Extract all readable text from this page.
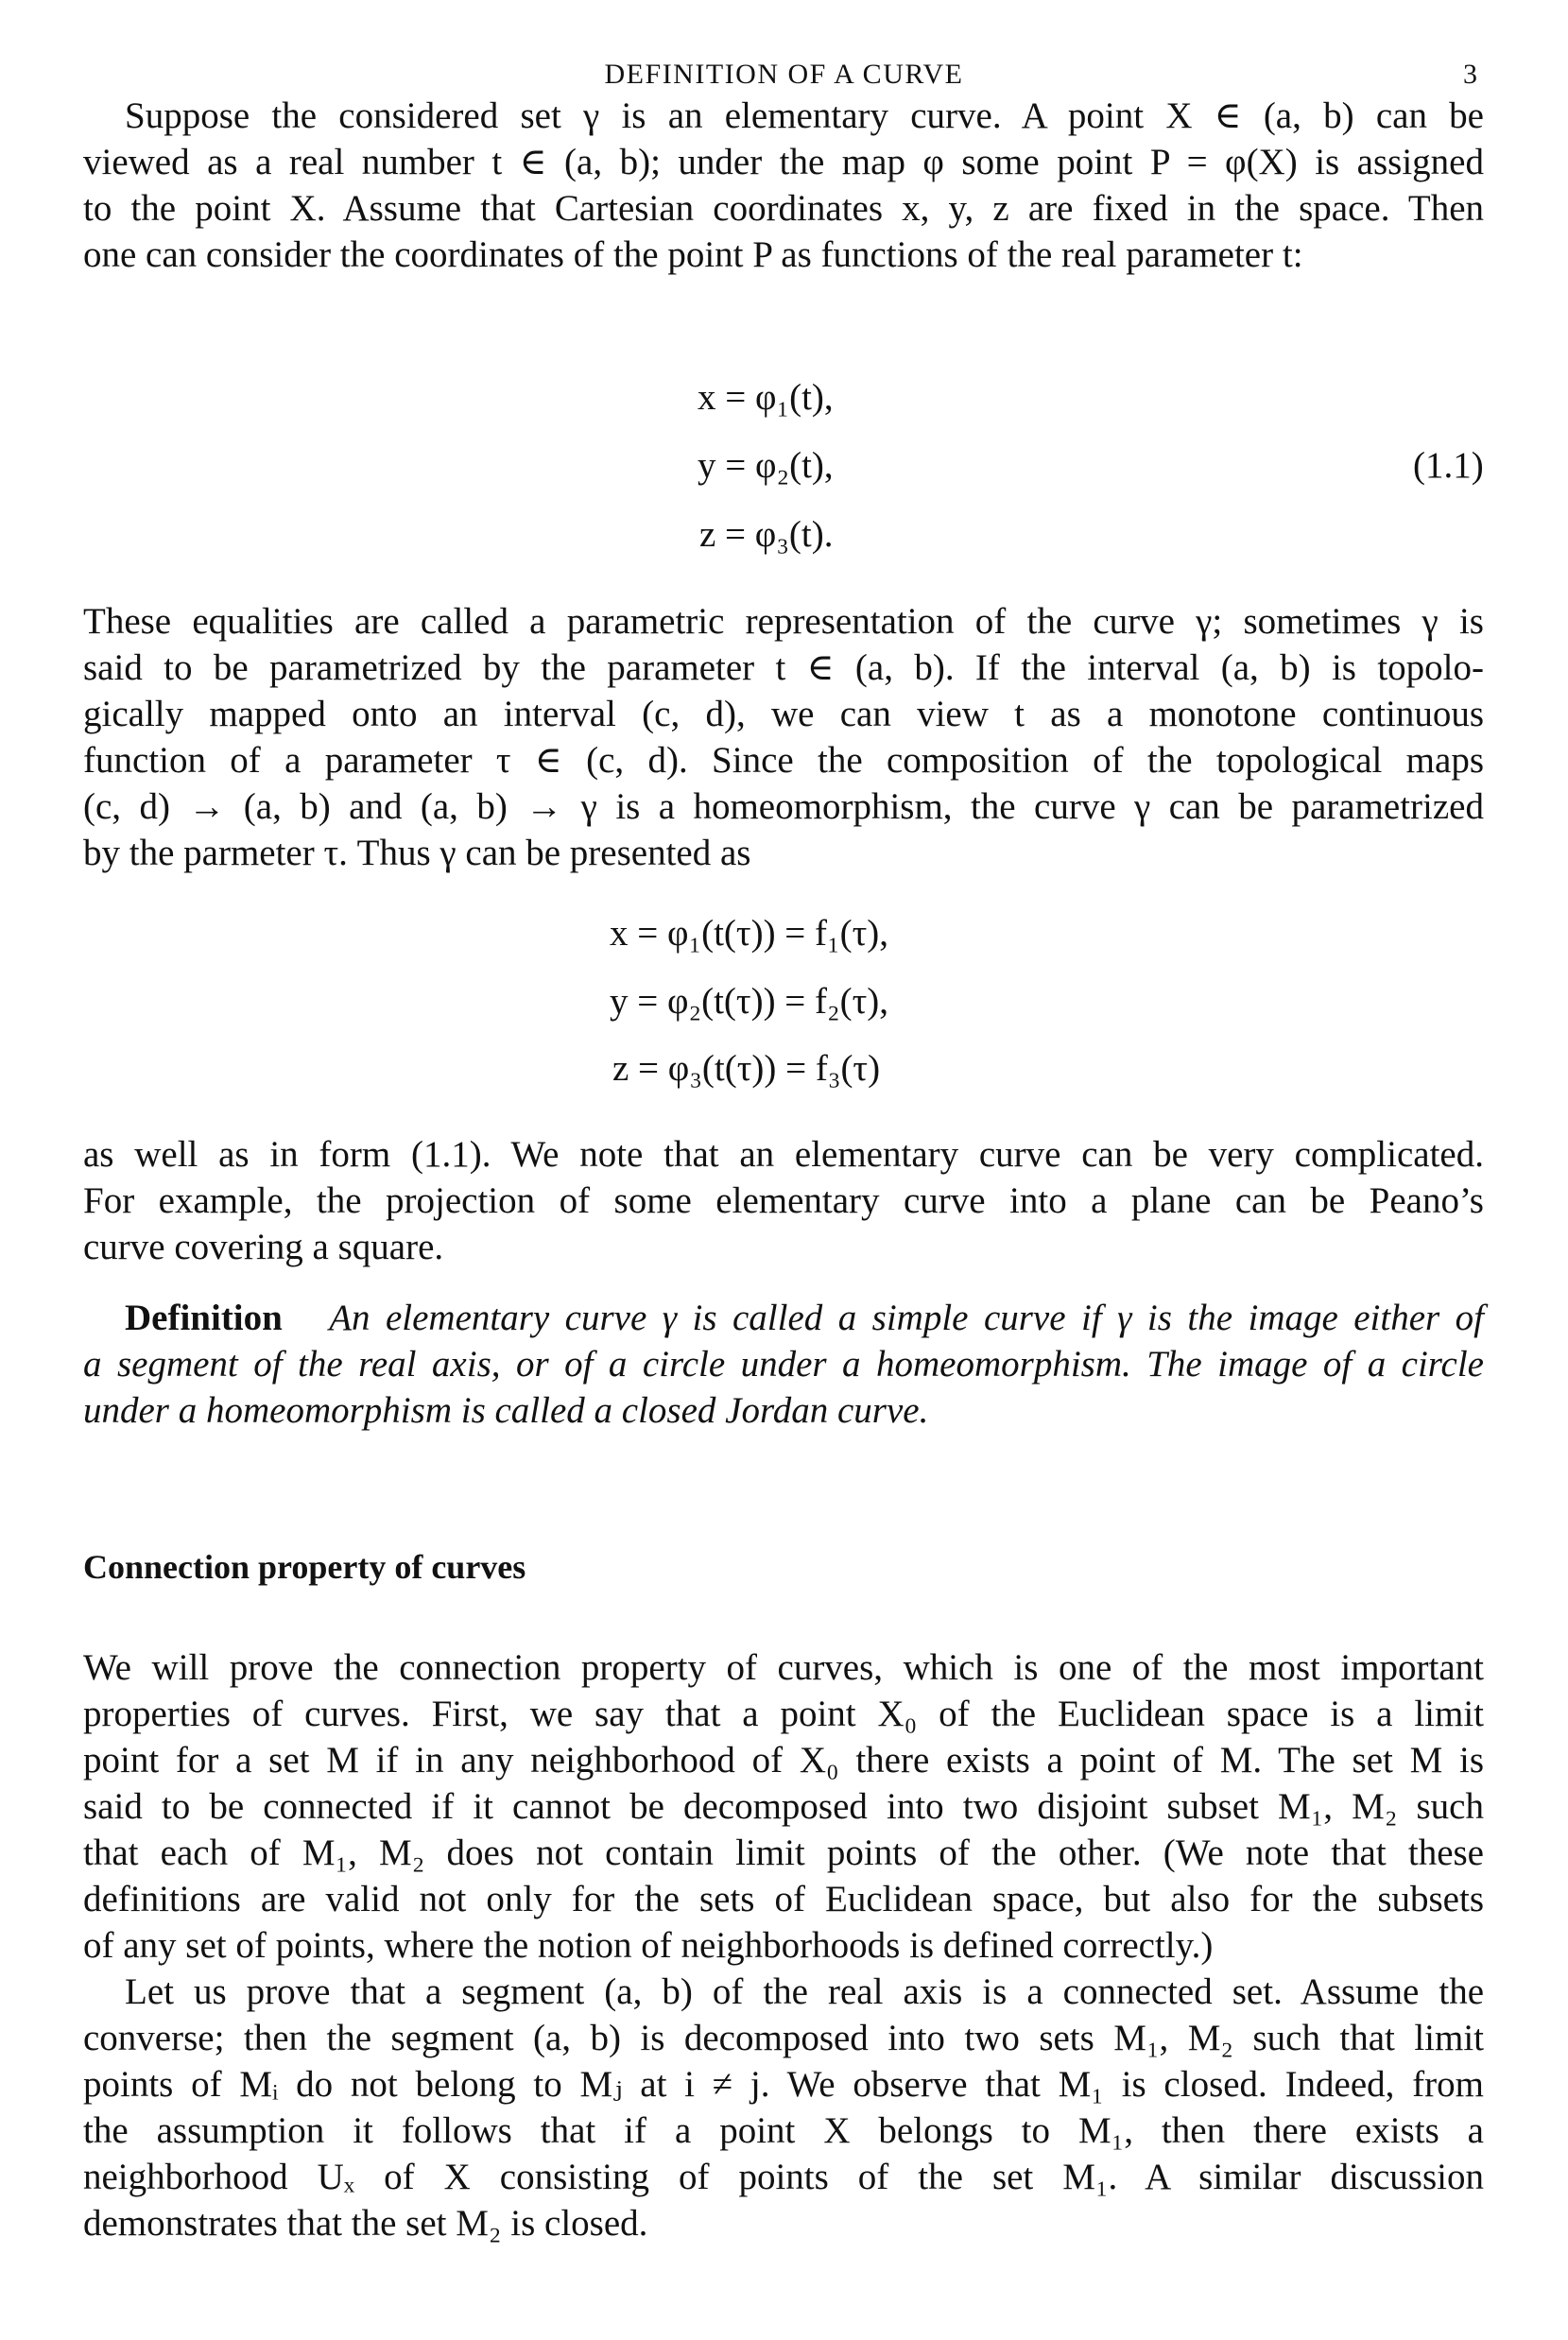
DEFINITION OF A CURVE	3
Suppose the considered set γ is an elementary curve. A point X ∈ (a, b) can be
viewed as a real number t ∈ (a, b); under the map φ some point P = φ(X) is assigned
to the point X. Assume that Cartesian coordinates x, y, z are fixed in the space. Then
one can consider the coordinates of the point P as functions of the real parameter t:
x = φ₁(t),
y = φ₂(t),
z = φ₃(t).
(1.1)
These equalities are called a parametric representation of the curve γ; sometimes γ is
said to be parametrized by the parameter t ∈ (a, b). If the interval (a, b) is topolo-
gically mapped onto an interval (c, d), we can view t as a monotone continuous
function of a parameter τ ∈ (c, d). Since the composition of the topological maps
(c, d) → (a, b) and (a, b) → γ is a homeomorphism, the curve γ can be parametrized
by the parmeter τ. Thus γ can be presented as
x = φ₁(t(τ)) = f₁(τ),
y = φ₂(t(τ)) = f₂(τ),
z = φ₃(t(τ)) = f₃(τ)
as well as in form (1.1). We note that an elementary curve can be very complicated.
For example, the projection of some elementary curve into a plane can be Peano’s
curve covering a square.
Definition An elementary curve γ is called a simple curve if γ is the image either of
a segment of the real axis, or of a circle under a homeomorphism. The image of a circle
under a homeomorphism is called a closed Jordan curve.
Connection property of curves
We will prove the connection property of curves, which is one of the most important
properties of curves. First, we say that a point X₀ of the Euclidean space is a limit
point for a set M if in any neighborhood of X₀ there exists a point of M. The set M is
said to be connected if it cannot be decomposed into two disjoint subset M₁, M₂ such
that each of M₁, M₂ does not contain limit points of the other. (We note that these
definitions are valid not only for the sets of Euclidean space, but also for the subsets
of any set of points, where the notion of neighborhoods is defined correctly.)
Let us prove that a segment (a, b) of the real axis is a connected set. Assume the
converse; then the segment (a, b) is decomposed into two sets M₁, M₂ such that limit
points of Mᵢ do not belong to Mⱼ at i ≠ j. We observe that M₁ is closed. Indeed, from
the assumption it follows that if a point X belongs to M₁, then there exists a
neighborhood Uₓ of X consisting of points of the set M₁. A similar discussion
demonstrates that the set M₂ is closed.
